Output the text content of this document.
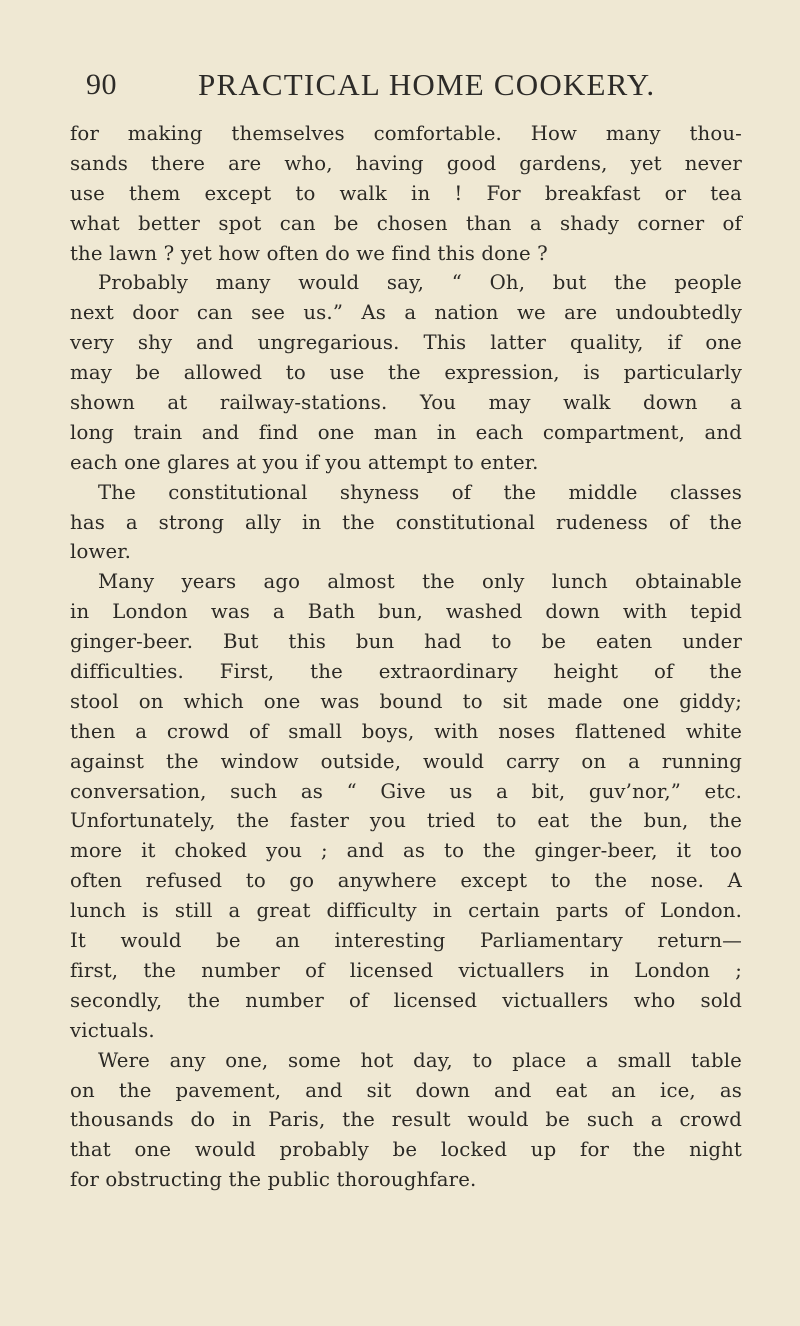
90	PRACTICAL HOME COOKERY.
for making themselves comfortable. How many thou-
sands there are who, having good gardens, yet never
use them except to walk in ! For breakfast or tea
what better spot can be chosen than a shady corner of
the lawn ? yet how often do we find this done ?
Probably many would say, “ Oh, but the people
next door can see us.” As a nation we are undoubtedly
very shy and ungregarious. This latter quality, if one
may be allowed to use the expression, is particularly
shown at railway-stations. You may walk down a
long train and find one man in each compartment, and
each one glares at you if you attempt to enter.
The constitutional shyness of the middle classes
has a strong ally in the constitutional rudeness of the
lower.
Many years ago almost the only lunch obtainable
in London was a Bath bun, washed down with tepid
ginger-beer. But this bun had to be eaten under
difficulties. First, the extraordinary height of the
stool on which one was bound to sit made one giddy;
then a crowd of small boys, with noses flattened white
against the window outside, would carry on a running
conversation, such as “ Give us a bit, guv’nor,” etc.
Unfortunately, the faster you tried to eat the bun, the
more it choked you ; and as to the ginger-beer, it too
often refused to go anywhere except to the nose. A
lunch is still a great difficulty in certain parts of London.
It would be an interesting Parliamentary return—
first, the number of licensed victuallers in London ;
secondly, the number of licensed victuallers who sold
victuals.
Were any one, some hot day, to place a small table
on the pavement, and sit down and eat an ice, as
thousands do in Paris, the result would be such a crowd
that one would probably be locked up for the night
for obstructing the public thoroughfare.
